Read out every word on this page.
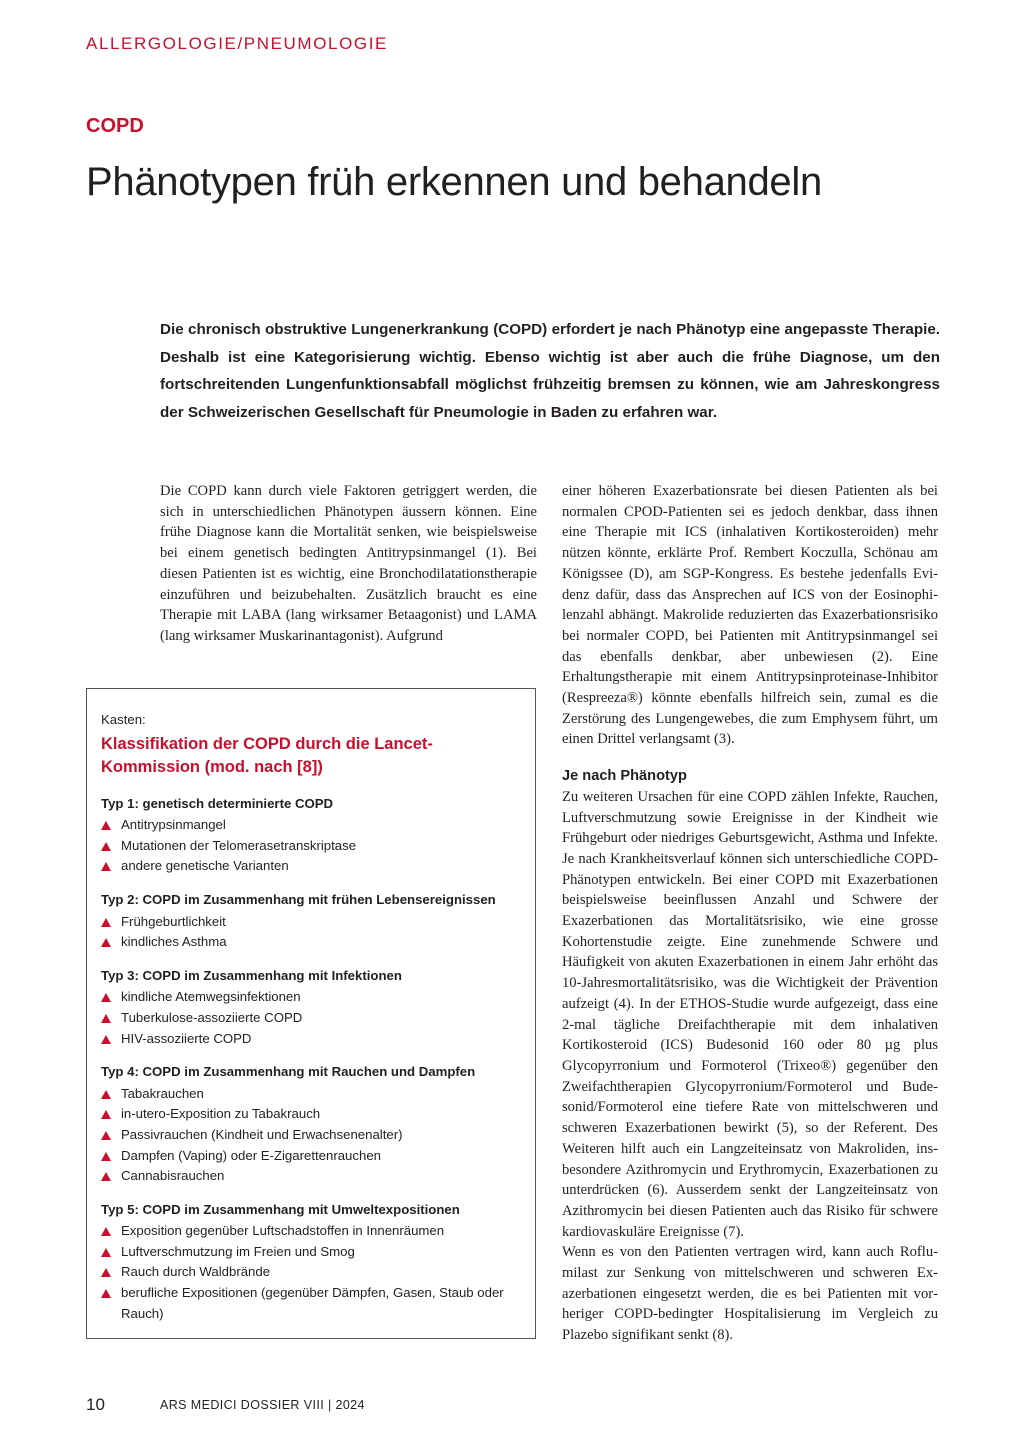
ALLERGOLOGIE/PNEUMOLOGIE
COPD
Phänotypen früh erkennen und behandeln
Die chronisch obstruktive Lungenerkrankung (COPD) erfordert je nach Phänotyp eine angepasste Therapie. Deshalb ist eine Kategorisierung wichtig. Ebenso wichtig ist aber auch die frühe Diagnose, um den fortschreitenden Lungenfunktionsabfall möglichst frühzeitig bremsen zu können, wie am Jahreskongress der Schweizerischen Gesellschaft für Pneumologie in Baden zu erfahren war.
Die COPD kann durch viele Faktoren getriggert werden, die sich in unterschiedlichen Phänotypen äussern können. Eine frühe Diagnose kann die Mortalität senken, wie beispielsweise bei einem genetisch bedingten Antitrypsinmangel (1). Bei diesen Patienten ist es wichtig, eine Bronchodilatationstherapie einzuführen und beizubehalten. Zusätzlich braucht es eine Therapie mit LABA (lang wirksamer Betaagonist) und LAMA (lang wirksamer Muskarinantagonist). Aufgrund
Kasten:
Klassifikation der COPD durch die Lancet-Kommission (mod. nach [8])
Typ 1: genetisch determinierte COPD
Antitrypsinmangel
Mutationen der Telomerasetranskriptase
andere genetische Varianten
Typ 2: COPD im Zusammenhang mit frühen Lebensereignissen
Frühgeburtlichkeit
kindliches Asthma
Typ 3: COPD im Zusammenhang mit Infektionen
kindliche Atemwegsinfektionen
Tuberkulose-assoziierte COPD
HIV-assoziierte COPD
Typ 4: COPD im Zusammenhang mit Rauchen und Dampfen
Tabakrauchen
in-utero-Exposition zu Tabakrauch
Passivrauchen (Kindheit und Erwachsenenalter)
Dampfen (Vaping) oder E-Zigarettenrauchen
Cannabisrauchen
Typ 5: COPD im Zusammenhang mit Umweltexpositionen
Exposition gegenüber Luftschadstoffen in Innenräumen
Luftverschmutzung im Freien und Smog
Rauch durch Waldbrände
berufliche Expositionen (gegenüber Dämpfen, Gasen, Staub oder Rauch)

einer höheren Exazerbationsrate bei diesen Patienten als bei normalen CPOD-Patienten sei es jedoch denkbar, dass ihnen eine Therapie mit ICS (inhalativen Kortikosteroiden) mehr nützen könnte, erklärte Prof. Rembert Koczulla, Schönau am Königssee (D), am SGP-Kongress. Es bestehe jedenfalls Evidenz dafür, dass das Ansprechen auf ICS von der Eosinophilenzahl abhängt. Makrolide reduzierten das Exazerbationsrisiko bei normaler COPD, bei Patienten mit Antitrypsinmangel sei das ebenfalls denkbar, aber unbewiesen (2). Eine Erhaltungstherapie mit einem Antitrypsinproteinase-Inhibitor (Respreeza®) könnte ebenfalls hilfreich sein, zumal es die Zerstörung des Lungengewebes, die zum Emphysem führt, um einen Drittel verlangsamt (3).

Je nach Phänotyp

Zu weiteren Ursachen für eine COPD zählen Infekte, Rauchen, Luftverschmutzung sowie Ereignisse in der Kindheit wie Frühgeburt oder niedriges Geburtsgewicht, Asthma und Infekte. Je nach Krankheitsverlauf können sich unterschiedliche COPD-Phänotypen entwickeln. Bei einer COPD mit Exazerbationen beispielsweise beeinflussen Anzahl und Schwere der Exazerbationen das Mortalitätsrisiko, wie eine grosse Kohortenstudie zeigte. Eine zunehmende Schwere und Häufigkeit von akuten Exazerbationen in einem Jahr erhöht das 10-Jahresmortalitätsrisiko, was die Wichtigkeit der Prävention aufzeigt (4). In der ETHOS-Studie wurde aufgezeigt, dass eine 2-mal tägliche Dreifachtherapie mit dem inhalativen Kortikosteroid (ICS) Budesonid 160 oder 80 µg plus Glycopyrronium und Formoterol (Trixeo®) gegenüber den Zweifachtherapien Glycopyrronium/Formoterol und Budesonid/Formoterol eine tiefere Rate von mittelschweren und schweren Exazerbationen bewirkt (5), so der Referent. Des Weiteren hilft auch ein Langzeiteinsatz von Makroliden, insbesondere Azithromycin und Erythromycin, Exazerbationen zu unterdrücken (6). Ausserdem senkt der Langzeiteinsatz von Azithromycin bei diesen Patienten auch das Risiko für schwere kardiovaskuläre Ereignisse (7).

Wenn es von den Patienten vertragen wird, kann auch Roflumilast zur Senkung von mittelschweren und schweren Exazerbationen eingesetzt werden, die es bei Patienten mit vorheriger COPD-bedingter Hospitalisierung im Vergleich zu Plazebo signifikant senkt (8).

10	ARS MEDICI DOSSIER VIII | 2024
